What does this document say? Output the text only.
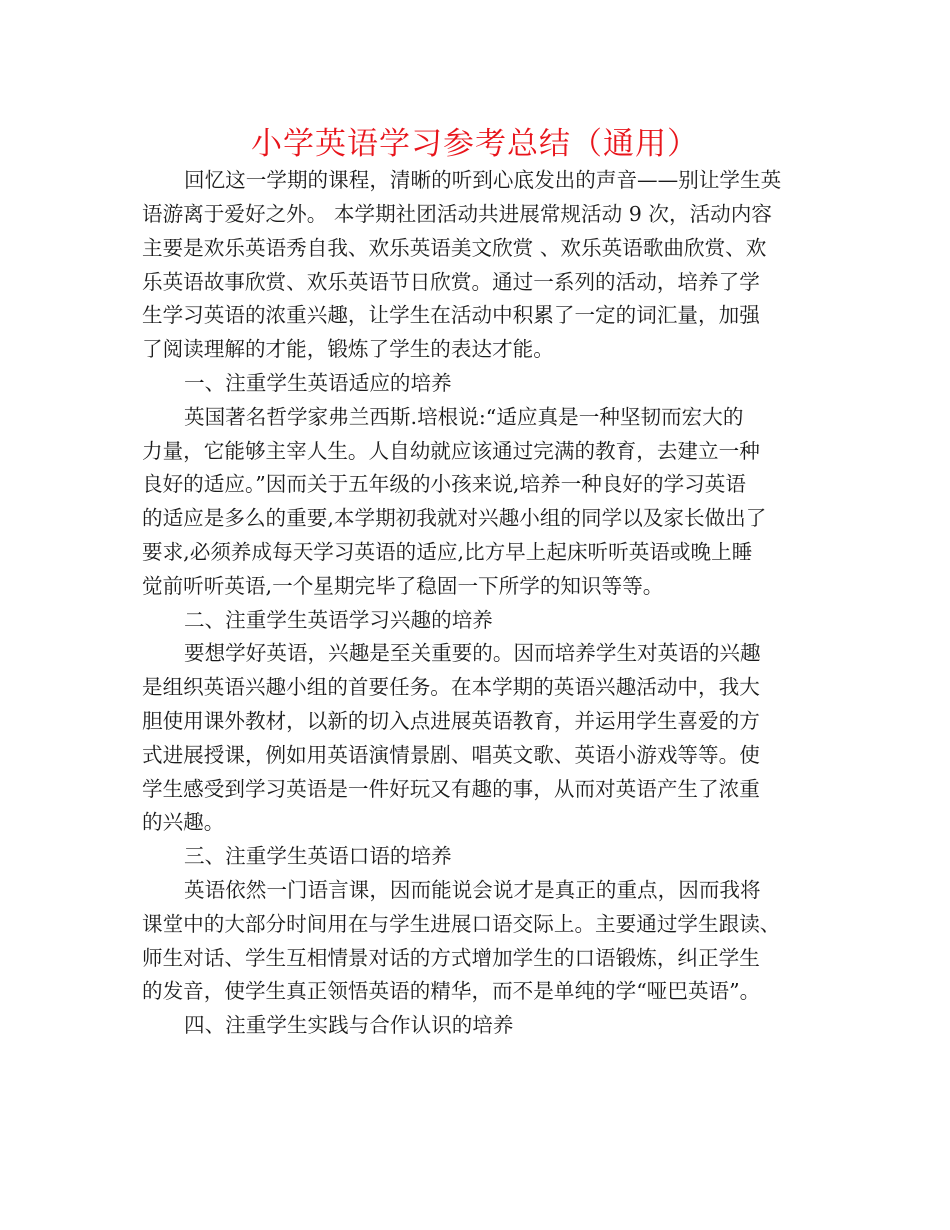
小学英语学习参考总结（通用）
回忆这一学期的课程，清晰的听到心底发出的声音——别让学生英
语游离于爱好之外。 本学期社团活动共进展常规活动 9 次，活动内容
主要是欢乐英语秀自我、欢乐英语美文欣赏 、欢乐英语歌曲欣赏、欢
乐英语故事欣赏、欢乐英语节日欣赏。通过一系列的活动，培养了学
生学习英语的浓重兴趣，让学生在活动中积累了一定的词汇量，加强
了阅读理解的才能，锻炼了学生的表达才能。
一、注重学生英语适应的培养
英国著名哲学家弗兰西斯.培根说:“适应真是一种坚韧而宏大的
力量，它能够主宰人生。人自幼就应该通过完满的教育，去建立一种
良好的适应。”因而关于五年级的小孩来说,培养一种良好的学习英语
的适应是多么的重要,本学期初我就对兴趣小组的同学以及家长做出了
要求,必须养成每天学习英语的适应,比方早上起床听听英语或晚上睡
觉前听听英语,一个星期完毕了稳固一下所学的知识等等。
二、注重学生英语学习兴趣的培养
要想学好英语，兴趣是至关重要的。因而培养学生对英语的兴趣
是组织英语兴趣小组的首要任务。在本学期的英语兴趣活动中，我大
胆使用课外教材，以新的切入点进展英语教育，并运用学生喜爱的方
式进展授课，例如用英语演情景剧、唱英文歌、英语小游戏等等。使
学生感受到学习英语是一件好玩又有趣的事，从而对英语产生了浓重
的兴趣。
三、注重学生英语口语的培养
英语依然一门语言课，因而能说会说才是真正的重点，因而我将
课堂中的大部分时间用在与学生进展口语交际上。主要通过学生跟读、
师生对话、学生互相情景对话的方式增加学生的口语锻炼，纠正学生
的发音，使学生真正领悟英语的精华，而不是单纯的学“哑巴英语”。
四、注重学生实践与合作认识的培养
